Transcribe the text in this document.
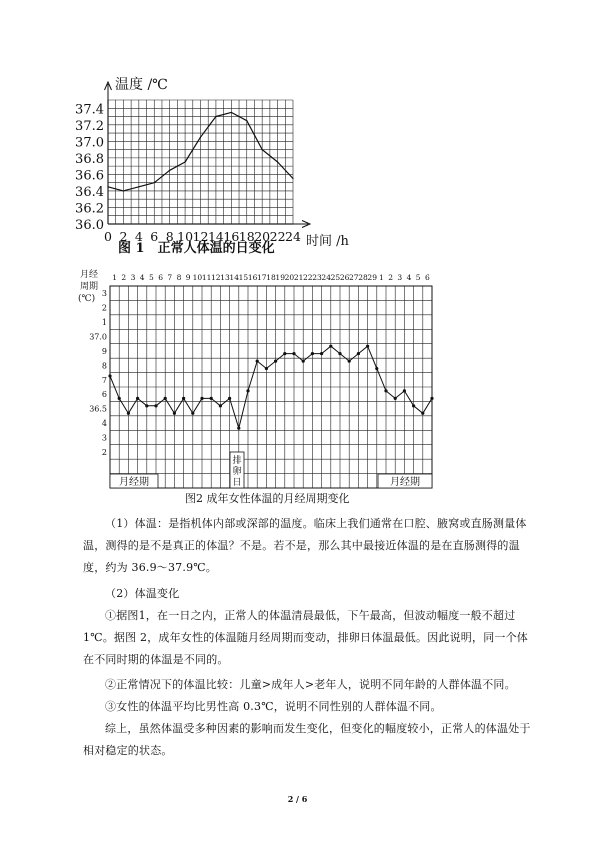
37.4
37.2
37.0
36.8
36.6
36.4
36.2
36.0
0 2 4 6 8 10 12 14 16 18 20 22 24
温度 /℃
时间 /h
图 1　正常人体温的日变化
月经
周期
(℃)
1 2 3 4 5 6 7 8 9 10 11 12 13 14 15 16 17 18 19 20 21 22 23 24 25 26 27 28 29 1 2 3 4 5 6
3
2
1
37.0
9
8
7
6
36.5
4
3
2
排
卵
日
月经期	月经期
图2 成年女性体温的月经周期变化

（1）体温：是指机体内部或深部的温度。临床上我们通常在口腔、腋窝或直肠测量体温，测得的是不是真正的体温？不是。若不是，那么其中最接近体温的是在直肠测得的温度，约为 36.9～37.9℃。

（2）体温变化

①据图1，在一日之内，正常人的体温清晨最低，下午最高，但波动幅度一般不超过 1℃。据图 2，成年女性的体温随月经周期而变动，排卵日体温最低。因此说明，同一个体在不同时期的体温是不同的。

②正常情况下的体温比较：儿童>成年人>老年人，说明不同年龄的人群体温不同。

③女性的体温平均比男性高 0.3℃，说明不同性别的人群体温不同。

综上，虽然体温受多种因素的影响而发生变化，但变化的幅度较小，正常人的体温处于相对稳定的状态。

2 / 6
